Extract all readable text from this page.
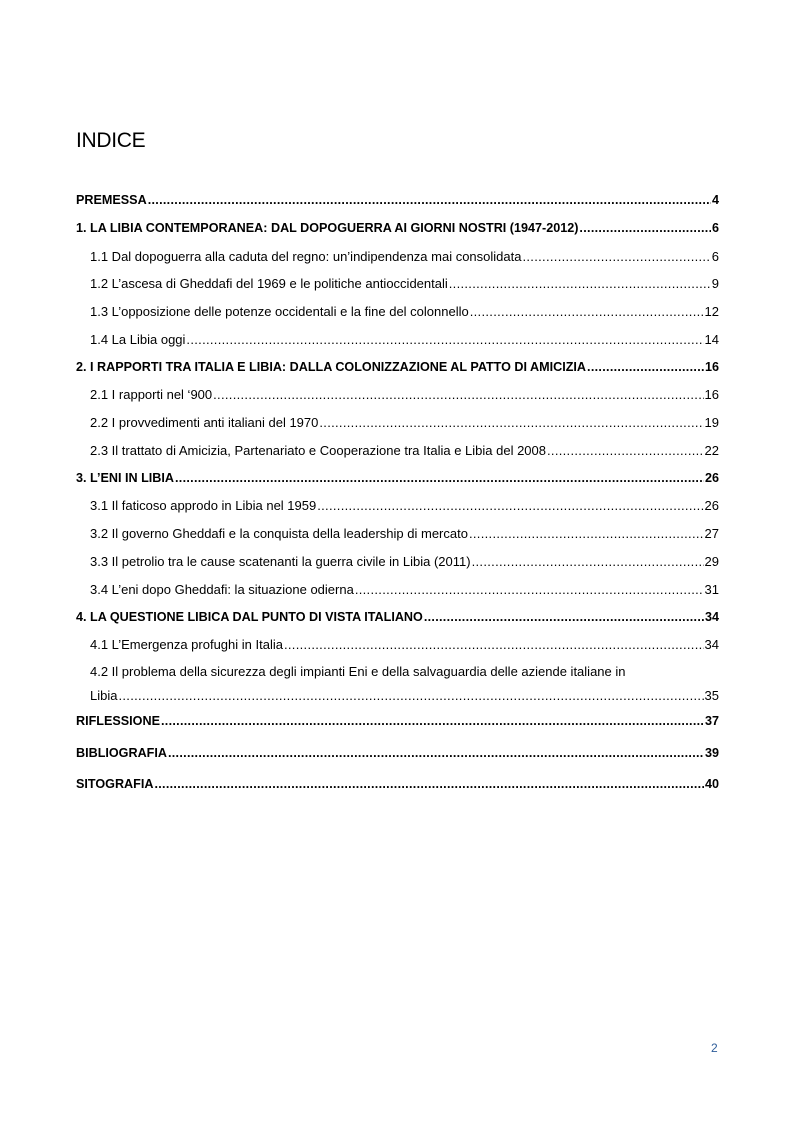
INDICE
PREMESSA .....	4
1. LA LIBIA CONTEMPORANEA: DAL DOPOGUERRA AI GIORNI NOSTRI (1947-2012) .....	6
1.1 Dal dopoguerra alla caduta del regno: un’indipendenza mai consolidata .....	6
1.2 L’ascesa di Gheddafi del 1969 e le politiche antioccidentali .....	9
1.3 L’opposizione delle potenze occidentali e la fine del colonnello .....	12
1.4 La Libia oggi .....	14
2. I RAPPORTI TRA ITALIA E LIBIA: DALLA COLONIZZAZIONE AL PATTO DI AMICIZIA .....	16
2.1 I rapporti nel ‘900 .....	16
2.2 I provvedimenti anti italiani del 1970 .....	19
2.3 Il trattato di Amicizia, Partenariato e Cooperazione tra Italia e Libia del 2008 .....	22
3. L’ENI IN LIBIA .....	26
3.1 Il faticoso approdo in Libia nel 1959 .....	26
3.2 Il governo Gheddafi e la conquista della leadership di mercato .....	27
3.3 Il petrolio tra le cause scatenanti la guerra civile in Libia (2011) .....	29
3.4 L’eni dopo Gheddafi: la situazione odierna .....	31
4. LA QUESTIONE LIBICA DAL PUNTO DI VISTA ITALIANO .....	34
4.1 L’Emergenza profughi in Italia .....	34
4.2 Il problema della sicurezza degli impianti Eni e della salvaguardia delle aziende italiane in
Libia .....	35
RIFLESSIONE .....	37
BIBLIOGRAFIA .....	39
SITOGRAFIA .....	40
2
